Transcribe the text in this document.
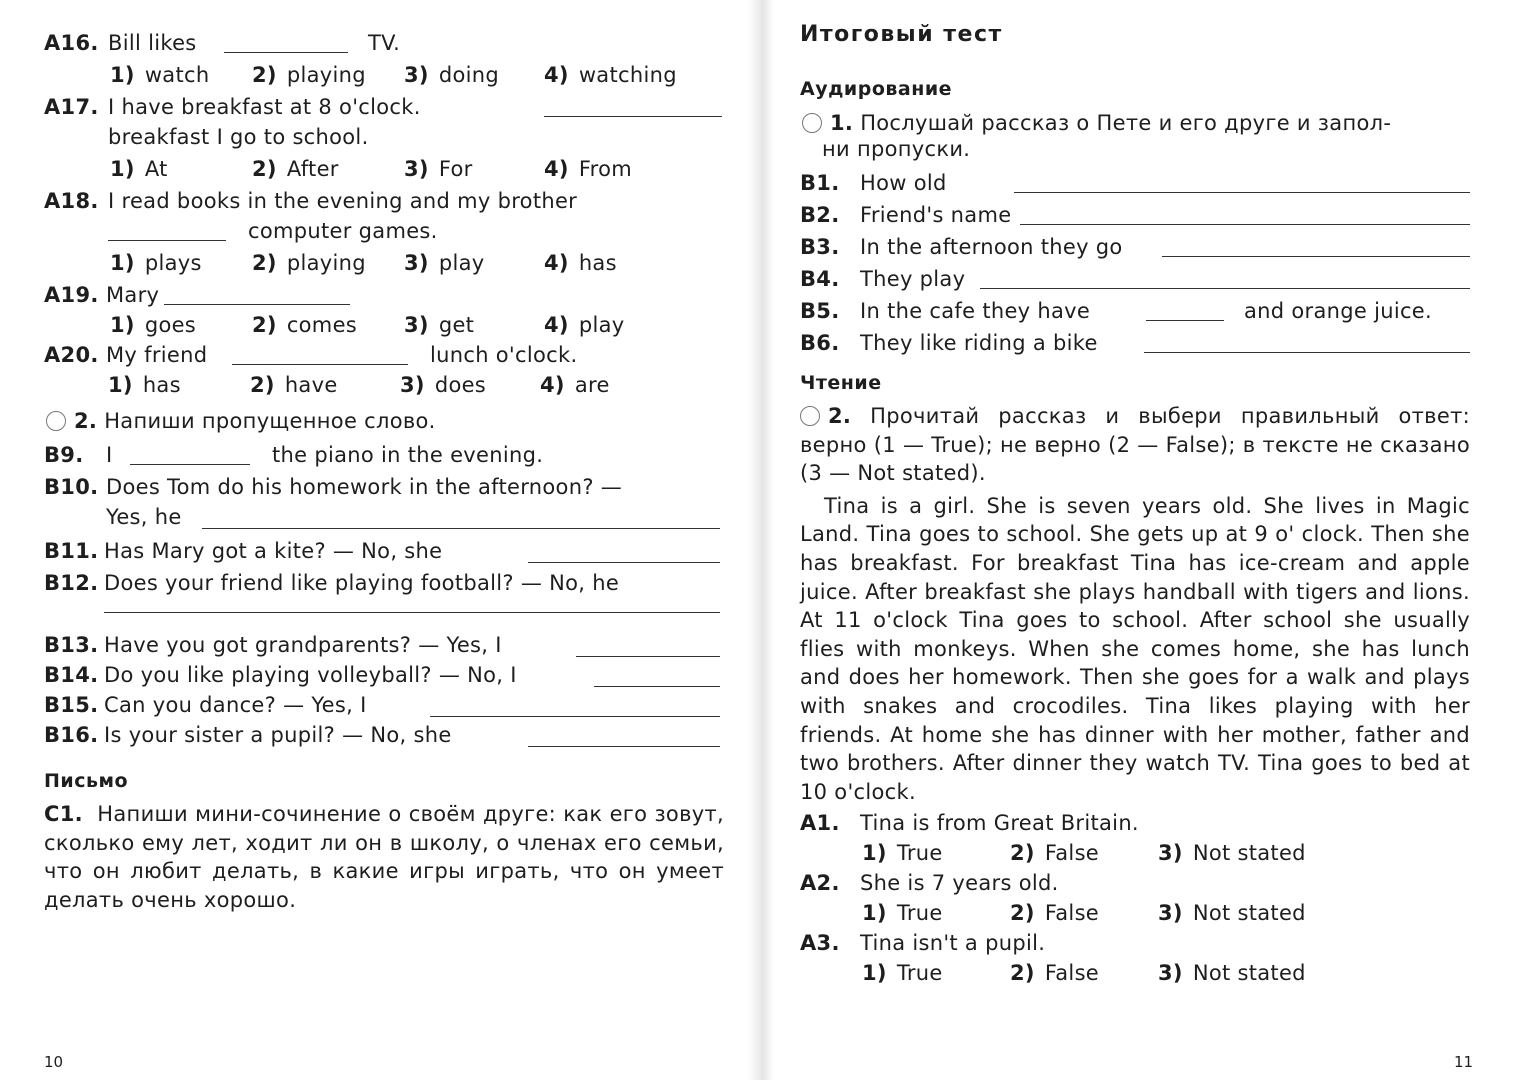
A16. Bill likes	TV.
1) watch 2) playing 3) doing 4) watching
A17. I have breakfast at 8 o'clock.
breakfast I go to school.
1) At	2) After	3) For	4) From
A18. I read books in the evening and my brother
computer games.
1) plays 2) playing 3) play	4) has
A19. Mary
1) goes	2) comes 3) get	4) play
A20. My friend	lunch o'clock.
1) has	2) have	3) does	4) are
2. Напиши пропущенное слово.
B9. I	the piano in the evening.
B10. Does Tom do his homework in the afternoon? —
Yes, he
B11. Has Mary got a kite? — No, she
B12. Does your friend like playing football? — No, he
B13. Have you got grandparents? — Yes, I
B14. Do you like playing volleyball? — No, I
B15. Can you dance? — Yes, I
B16. Is your sister a pupil? — No, she
Письмо
C1. Напиши мини-сочинение о своём друге: как его зовут, сколько ему лет, ходит ли он в школу, о членах его семьи, что он любит делать, в какие игры играть, что он умеет делать очень хорошо.
10
Итоговый тест
Аудирование
1. Послушай рассказ о Пете и его друге и запол-
ни пропуски.
B1. How old
B2. Friend's name
B3. In the afternoon they go
B4. They play
B5. In the cafe they have	and orange juice.
B6. They like riding a bike
Чтение
2. Прочитай рассказ и выбери правильный ответ: верно (1 — True); не верно (2 — False); в тексте не сказано (3 — Not stated).
Tina is a girl. She is seven years old. She lives in Magic Land. Tina goes to school. She gets up at 9 o' clock. Then she has breakfast. For breakfast Tina has ice-cream and apple juice. After breakfast she plays handball with tigers and lions. At 11 o'clock Tina goes to school. After school she usually flies with monkeys. When she comes home, she has lunch and does her homework. Then she goes for a walk and plays with snakes and crocodiles. Tina likes playing with her friends. At home she has dinner with her mother, father and two brothers. After dinner they watch TV. Tina goes to bed at 10 o'clock.
A1. Tina is from Great Britain.
1) True	2) False	3) Not stated
A2. She is 7 years old.
1) True	2) False	3) Not stated
A3. Tina isn't a pupil.
1) True	2) False	3) Not stated
11
